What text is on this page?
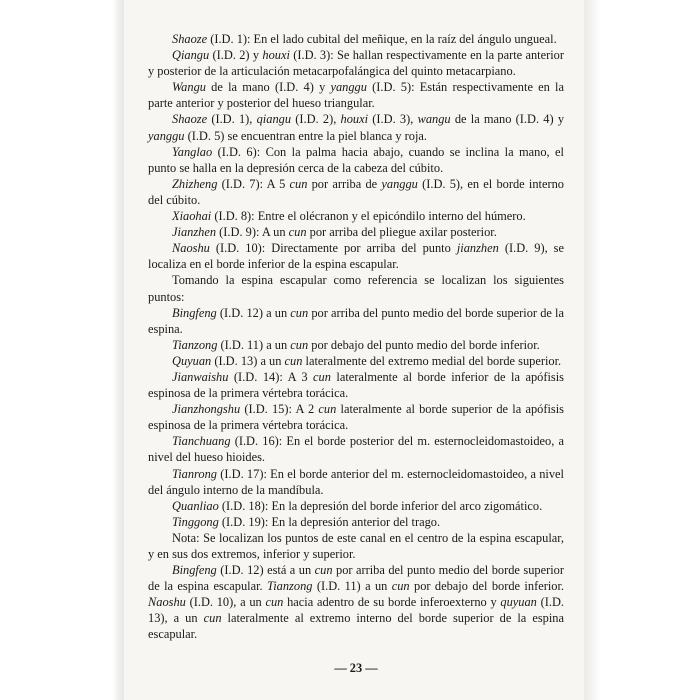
Shaoze (I.D. 1): En el lado cubital del meñique, en la raíz del ángulo ungueal.

Qiangu (I.D. 2) y houxi (I.D. 3): Se hallan respectivamente en la parte anterior y posterior de la articulación metacarpofalángica del quinto metacarpiano.

Wangu de la mano (I.D. 4) y yanggu (I.D. 5): Están respectivamente en la parte anterior y posterior del hueso triangular.

Shaoze (I.D. 1), qiangu (I.D. 2), houxi (I.D. 3), wangu de la mano (I.D. 4) y yanggu (I.D. 5) se encuentran entre la piel blanca y roja.

Yanglao (I.D. 6): Con la palma hacia abajo, cuando se inclina la mano, el punto se halla en la depresión cerca de la cabeza del cúbito.

Zhizheng (I.D. 7): A 5 cun por arriba de yanggu (I.D. 5), en el borde interno del cúbito.

Xiaohai (I.D. 8): Entre el olécranon y el epicóndilo interno del húmero.

Jianzhen (I.D. 9): A un cun por arriba del pliegue axilar posterior.

Naoshu (I.D. 10): Directamente por arriba del punto jianzhen (I.D. 9), se localiza en el borde inferior de la espina escapular.

Tomando la espina escapular como referencia se localizan los siguientes puntos:

Bingfeng (I.D. 12) a un cun por arriba del punto medio del borde superior de la espina.

Tianzong (I.D. 11) a un cun por debajo del punto medio del borde inferior.

Quyuan (I.D. 13) a un cun lateralmente del extremo medial del borde superior.

Jianwaishu (I.D. 14): A 3 cun lateralmente al borde inferior de la apófisis espinosa de la primera vértebra torácica.

Jianzhongshu (I.D. 15): A 2 cun lateralmente al borde superior de la apófisis espinosa de la primera vértebra torácica.

Tianchuang (I.D. 16): En el borde posterior del m. esternocleidomastoideo, a nivel del hueso hioides.

Tianrong (I.D. 17): En el borde anterior del m. esternocleidomastoideo, a nivel del ángulo interno de la mandíbula.

Quanliao (I.D. 18): En la depresión del borde inferior del arco zigomático.

Tinggong (I.D. 19): En la depresión anterior del trago.

Nota: Se localizan los puntos de este canal en el centro de la espina escapular, y en sus dos extremos, inferior y superior.

Bingfeng (I.D. 12) está a un cun por arriba del punto medio del borde superior de la espina escapular. Tianzong (I.D. 11) a un cun por debajo del borde inferior. Naoshu (I.D. 10), a un cun hacia adentro de su borde inferoexterno y quyuan (I.D. 13), a un cun lateralmente al extremo interno del borde superior de la espina escapular.

— 23 —
